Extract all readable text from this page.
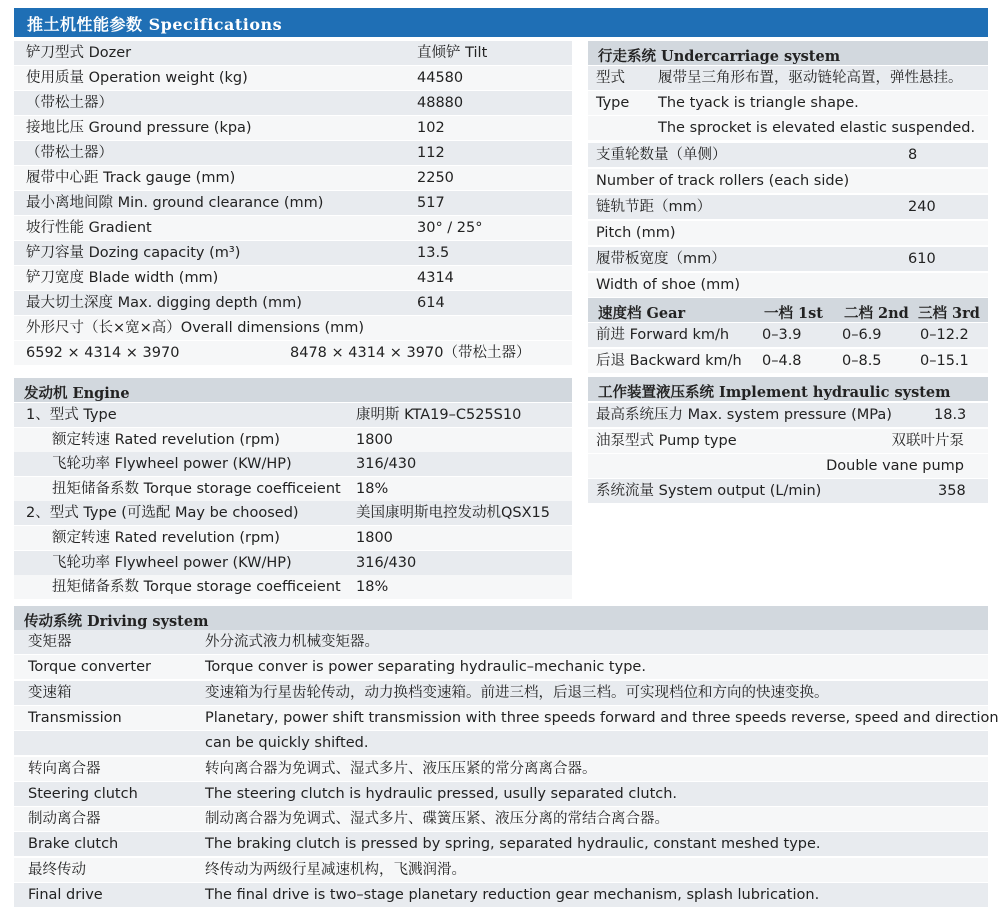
推土机性能参数 Specifications
铲刀型式 Dozer	直倾铲 Tilt
使用质量 Operation weight (kg)	44580
（带松土器）	48880
接地比压 Ground pressure (kpa)	102
（带松土器）	112
履带中心距 Track gauge (mm)	2250
最小离地间隙 Min. ground clearance (mm)	517
坡行性能 Gradient	30° / 25°
铲刀容量 Dozing capacity (m³)	13.5
铲刀宽度 Blade width (mm)	4314
最大切土深度 Max. digging depth (mm)	614
外形尺寸（长×宽×高）Overall dimensions (mm)
6592 × 4314 × 3970	8478 × 4314 × 3970（带松土器）
发动机 Engine
1、型式 Type	康明斯 KTA19–C525S10
额定转速 Rated revelution (rpm)	1800
飞轮功率 Flywheel power (KW/HP)	316/430
扭矩储备系数 Torque storage coefficeient 18%
2、型式 Type (可选配 May be choosed)	美国康明斯电控发动机QSX15
额定转速 Rated revelution (rpm)	1800
飞轮功率 Flywheel power (KW/HP)	316/430
扭矩储备系数 Torque storage coefficeient 18%
行走系统 Undercarriage system
型式 履带呈三角形布置，驱动链轮高置，弹性悬挂。
Type The tyack is triangle shape.
The sprocket is elevated elastic suspended.
支重轮数量（单侧）	8
Number of track rollers (each side)
链轨节距（mm）	240
Pitch (mm)
履带板宽度（mm）	610
Width of shoe (mm)
速度档 Gear	一档 1st 二档 2nd 三档 3rd
前进 Forward km/h 0–3.9	0–6.9	0–12.2
后退 Backward km/h 0–4.8	0–8.5	0–15.1
工作装置液压系统 Implement hydraulic system
最高系统压力 Max. system pressure (MPa)	18.3
油泵型式 Pump type	双联叶片泵
Double vane pump
系统流量 System output (L/min)	358
传动系统 Driving system
变矩器	外分流式液力机械变矩器。
Torque converter	Torque conver is power separating hydraulic–mechanic type.
变速箱	变速箱为行星齿轮传动，动力换档变速箱。前进三档，后退三档。可实现档位和方向的快速变换。
Transmission	Planetary, power shift transmission with three speeds forward and three speeds reverse, speed and direction
can be quickly shifted.
转向离合器	转向离合器为免调式、湿式多片、液压压紧的常分离离合器。
Steering clutch	The steering clutch is hydraulic pressed, usully separated clutch.
制动离合器	制动离合器为免调式、湿式多片、碟簧压紧、液压分离的常结合离合器。
Brake clutch	The braking clutch is pressed by spring, separated hydraulic, constant meshed type.
最终传动	终传动为两级行星减速机构，飞溅润滑。
Final drive	The final drive is two–stage planetary reduction gear mechanism, splash lubrication.
